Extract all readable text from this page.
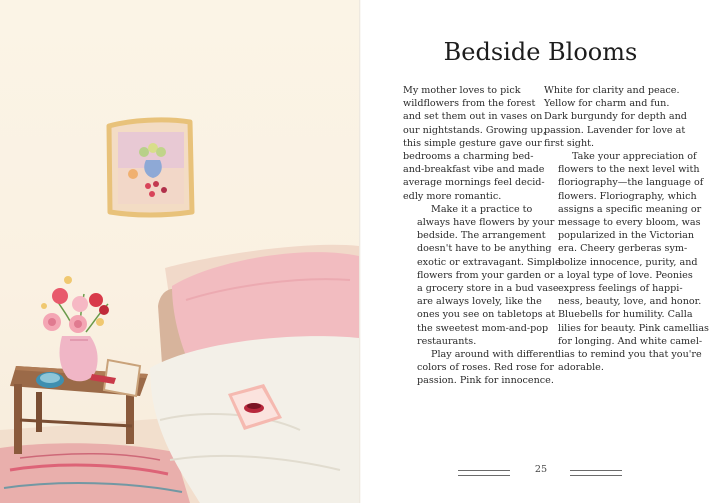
Bedside Blooms

My mother loves to pick
wildflowers from the forest
and set them out in vases on
our nightstands. Growing up,
this simple gesture gave our
bedrooms a charming bed-
and-breakfast vibe and made
average mornings feel decid-
edly more romantic.

Make it a practice to
always have flowers by your
bedside. The arrangement
doesn't have to be anything
exotic or extravagant. Simple
flowers from your garden or
a grocery store in a bud vase
are always lovely, like the
ones you see on tabletops at
the sweetest mom-and-pop
restaurants.

Play around with different
colors of roses. Red rose for
passion. Pink for innocence.

White for clarity and peace.
Yellow for charm and fun.
Dark burgundy for depth and
passion. Lavender for love at
first sight.

Take your appreciation of
flowers to the next level with
floriography—the language of
flowers. Floriography, which
assigns a specific meaning or
message to every bloom, was
popularized in the Victorian
era. Cheery gerberas sym-
bolize innocence, purity, and
a loyal type of love. Peonies
express feelings of happi-
ness, beauty, love, and honor.
Bluebells for humility. Calla
lilies for beauty. Pink camellias
for longing. And white camel-
lias to remind you that you're
adorable.

25
